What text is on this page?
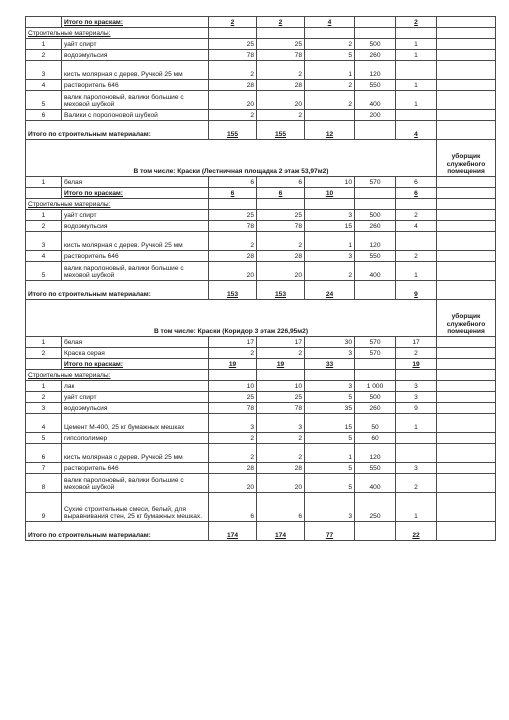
	Итого по краскам:	2	2	4		2	
Строительные материалы:							
1	уайт спирт	25	25	2	500	1	
2	водоэмульсия	78	78	5	260	1	
3	кисть молярная с дерев. Ручкой 25 мм	2	2	1	120		
4	растворитель 646	28	28	2	550	1	
5	валик паролоновый, валики большие с меховой шубкой	20	20	2	400	1	
6	Валики с поролоновой шубкой	2	2		200		
Итого по строительным материалам:		155	155	12		4	
В том числе: Краски (Лестничная площадка 2 этаж 53,97м2)							уборщик служебного помещения
1	белая	6	6	10	570	6	
	Итого по краскам:	6	6	10		6	
Строительные материалы:							
1	уайт спирт	25	25	3	500	2	
2	водоэмульсия	78	78	15	260	4	
3	кисть молярная с дерев. Ручкой 25 мм	2	2	1	120		
4	растворитель 646	28	28	3	550	2	
5	валик паролоновый, валики большие с меховой шубкой	20	20	2	400	1	
Итого по строительным материалам:		153	153	24		9	
В том числе: Краски (Коридор 3 этаж 226,95м2)							уборщик служебного помещения
1	белая	17	17	30	570	17	
2	Краска серая	2	2	3	570	2	
	Итого по краскам:	19	19	33		19	
Строительные материалы:							
1	лак	10	10	3	1 000	3	
2	уайт спирт	25	25	5	500	3	
3	водоэмульсия	78	78	35	260	9	
4	Цемент М-400, 25 кг бумажных мешках	3	3	15	50	1	
5	гипсополимер	2	2	5	60		
6	кисть молярная с дерев. Ручкой 25 мм	2	2	1	120		
7	растворитель 646	28	28	5	550	3	
8	валик паролоновый, валики большие с меховой шубкой	20	20	5	400	2	
9	Сухие строительные смеси, белый, для выравнивания стен, 25 кг бумажных мешках.	6	6	3	250	1	
Итого по строительным материалам:		174	174	77		22	
